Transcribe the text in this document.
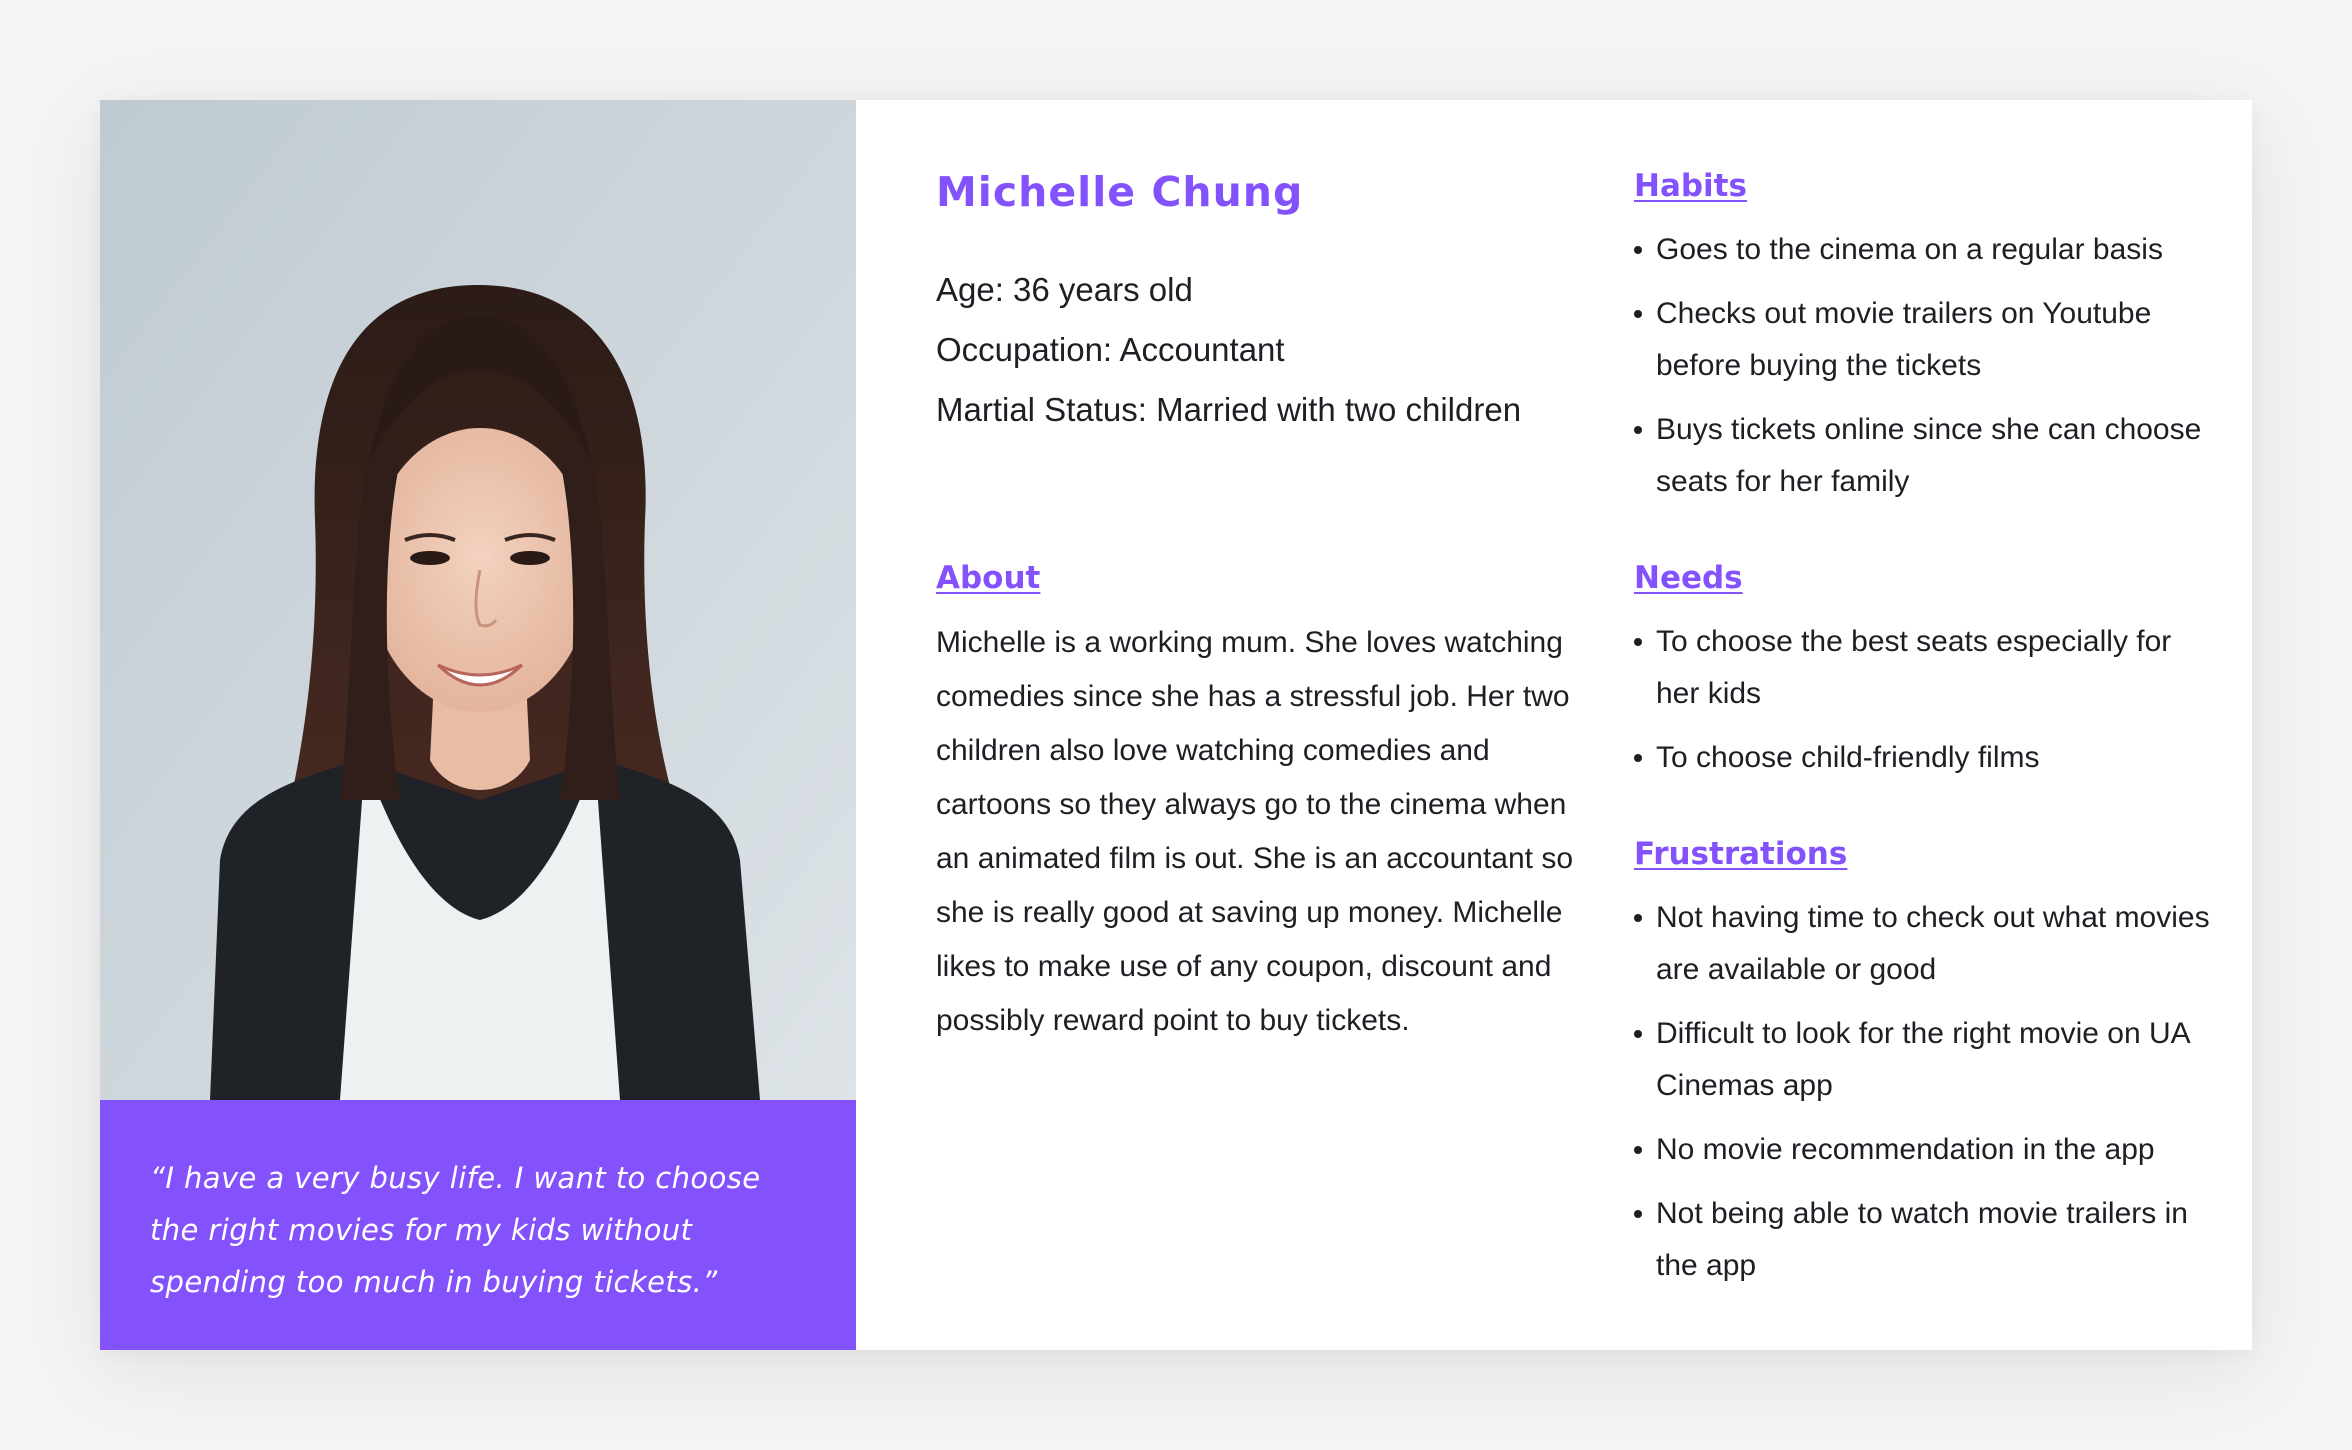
“I have a very busy life. I want to choose the right movies for my kids without spending too much in buying tickets.”

Michelle Chung
Age: 36 years old
Occupation: Accountant
Martial Status: Married with two children
About

Michelle is a working mum. She loves watching comedies since she has a stressful job. Her two children also love watching comedies and cartoons so they always go to the cinema when an animated film is out. She is an accountant so she is really good at saving up money. Michelle likes to make use of any coupon, discount and possibly reward point to buy tickets.

Habits
Goes to the cinema on a regular basis
Checks out movie trailers on Youtube before buying the tickets
Buys tickets online since she can choose seats for her family
Needs
To choose the best seats especially for her kids
To choose child-friendly films
Frustrations
Not having time to check out what movies are available or good
Difficult to look for the right movie on UA Cinemas app
No movie recommendation in the app
Not being able to watch movie trailers in the app
